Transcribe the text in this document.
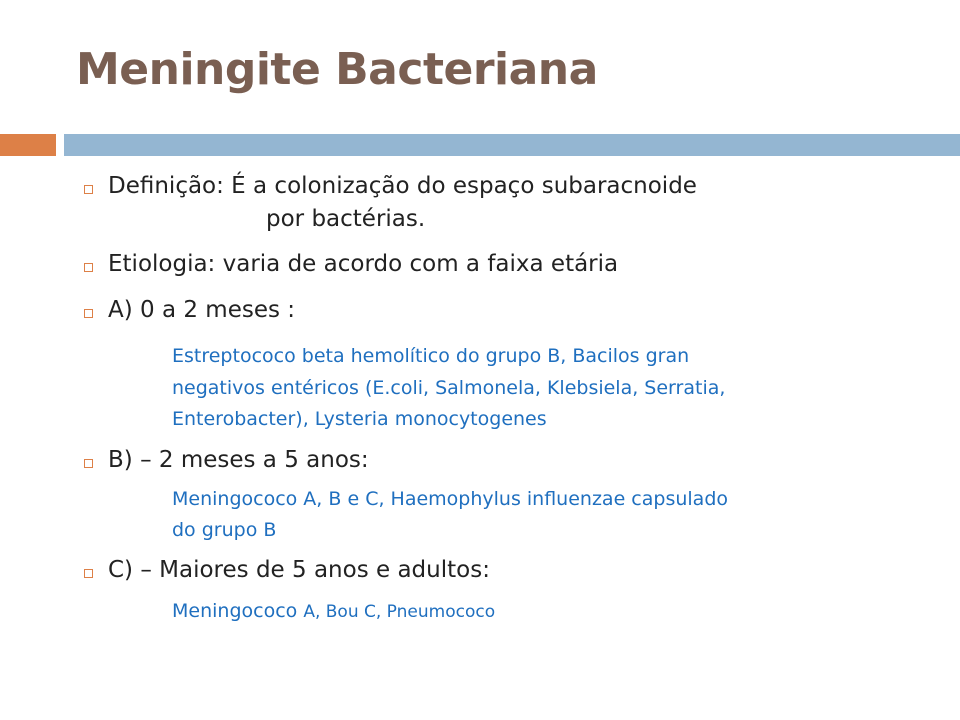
Meningite Bacteriana
Definição: É a colonização do espaço subaracnoide
por bactérias.
Etiologia: varia de acordo com a faixa etária
A) 0 a 2 meses :
Estreptococo beta hemolítico do grupo B, Bacilos gran
negativos entéricos (E.coli, Salmonela, Klebsiela, Serratia,
Enterobacter), Lysteria monocytogenes
B) – 2 meses a 5 anos:
Meningococo A, B e C, Haemophylus influenzae capsulado
do grupo B
C) – Maiores de 5 anos e adultos:
Meningococo A, Bou C, Pneumococo
